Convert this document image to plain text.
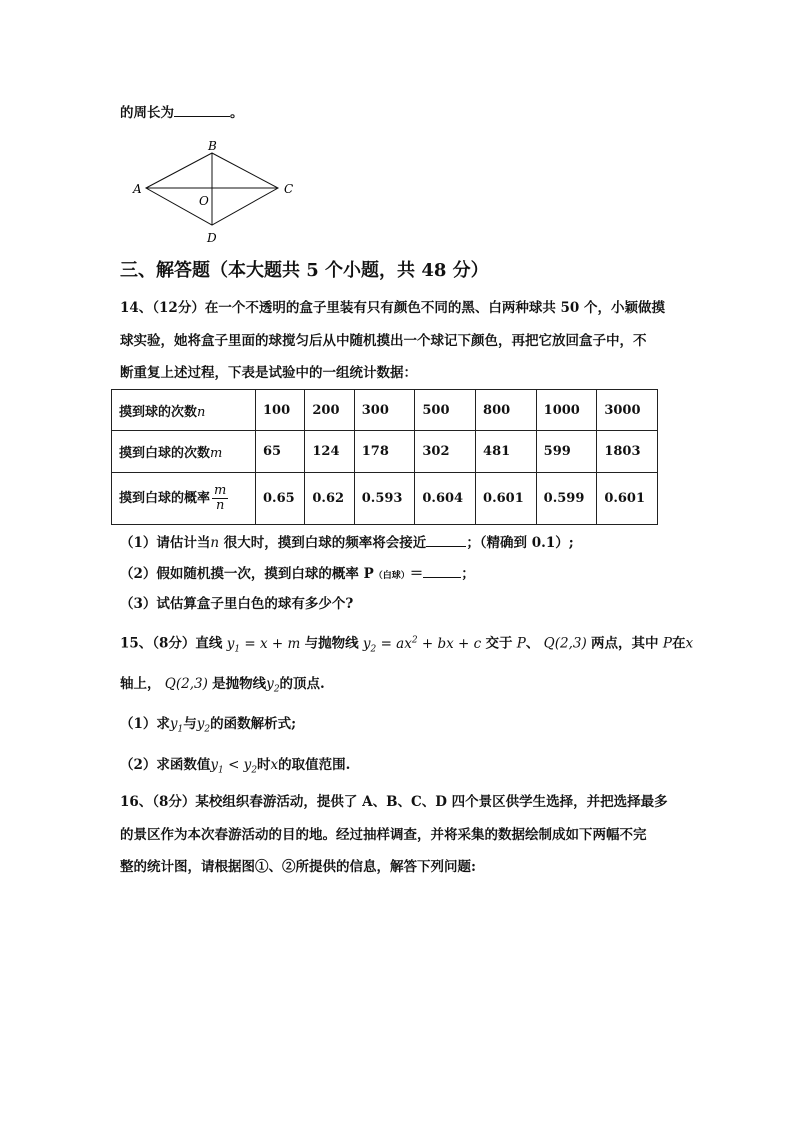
的周长为	。
B
A	C
O
D
三、解答题（本大题共 5 个小题，共 48 分）
14、（12分）在一个不透明的盒子里装有只有颜色不同的黑、白两种球共 50 个，小颖做摸
球实验，她将盒子里面的球搅匀后从中随机摸出一个球记下颜色，再把它放回盒子中，不
断重复上述过程，下表是试验中的一组统计数据：
摸到球的次数n	100	200	300	500	800	1000	3000
摸到白球的次数m	65	124	178	302	481	599	1803
摸到白球的概率 $\frac{m}{n}$	0.65	0.62	0.593	0.604	0.601	0.599	0.601
（1）请估计当n 很大时，摸到白球的频率将会接近	；（精确到 0.1）;
（2）假如随机摸一次，摸到白球的概率 P（白球）＝	；
（3）试估算盒子里白色的球有多少个?
15、（8分）直线 $y_1 = x + m$ 与抛物线 $y_2 = ax^2$ + bx + c 交于 P、 Q(2,3) 两点，其中 P在x
轴上， Q(2,3) 是抛物线$y_2$的顶点.
（1）求$y_1$与$y_2$的函数解析式;
（2）求函数值$y_1 < y_2$时x的取值范围.
16、（8分）某校组织春游活动，提供了 A、B、C、D 四个景区供学生选择，并把选择最多
的景区作为本次春游活动的目的地。经过抽样调查，并将采集的数据绘制成如下两幅不完
整的统计图，请根据图①、②所提供的信息，解答下列问题:
